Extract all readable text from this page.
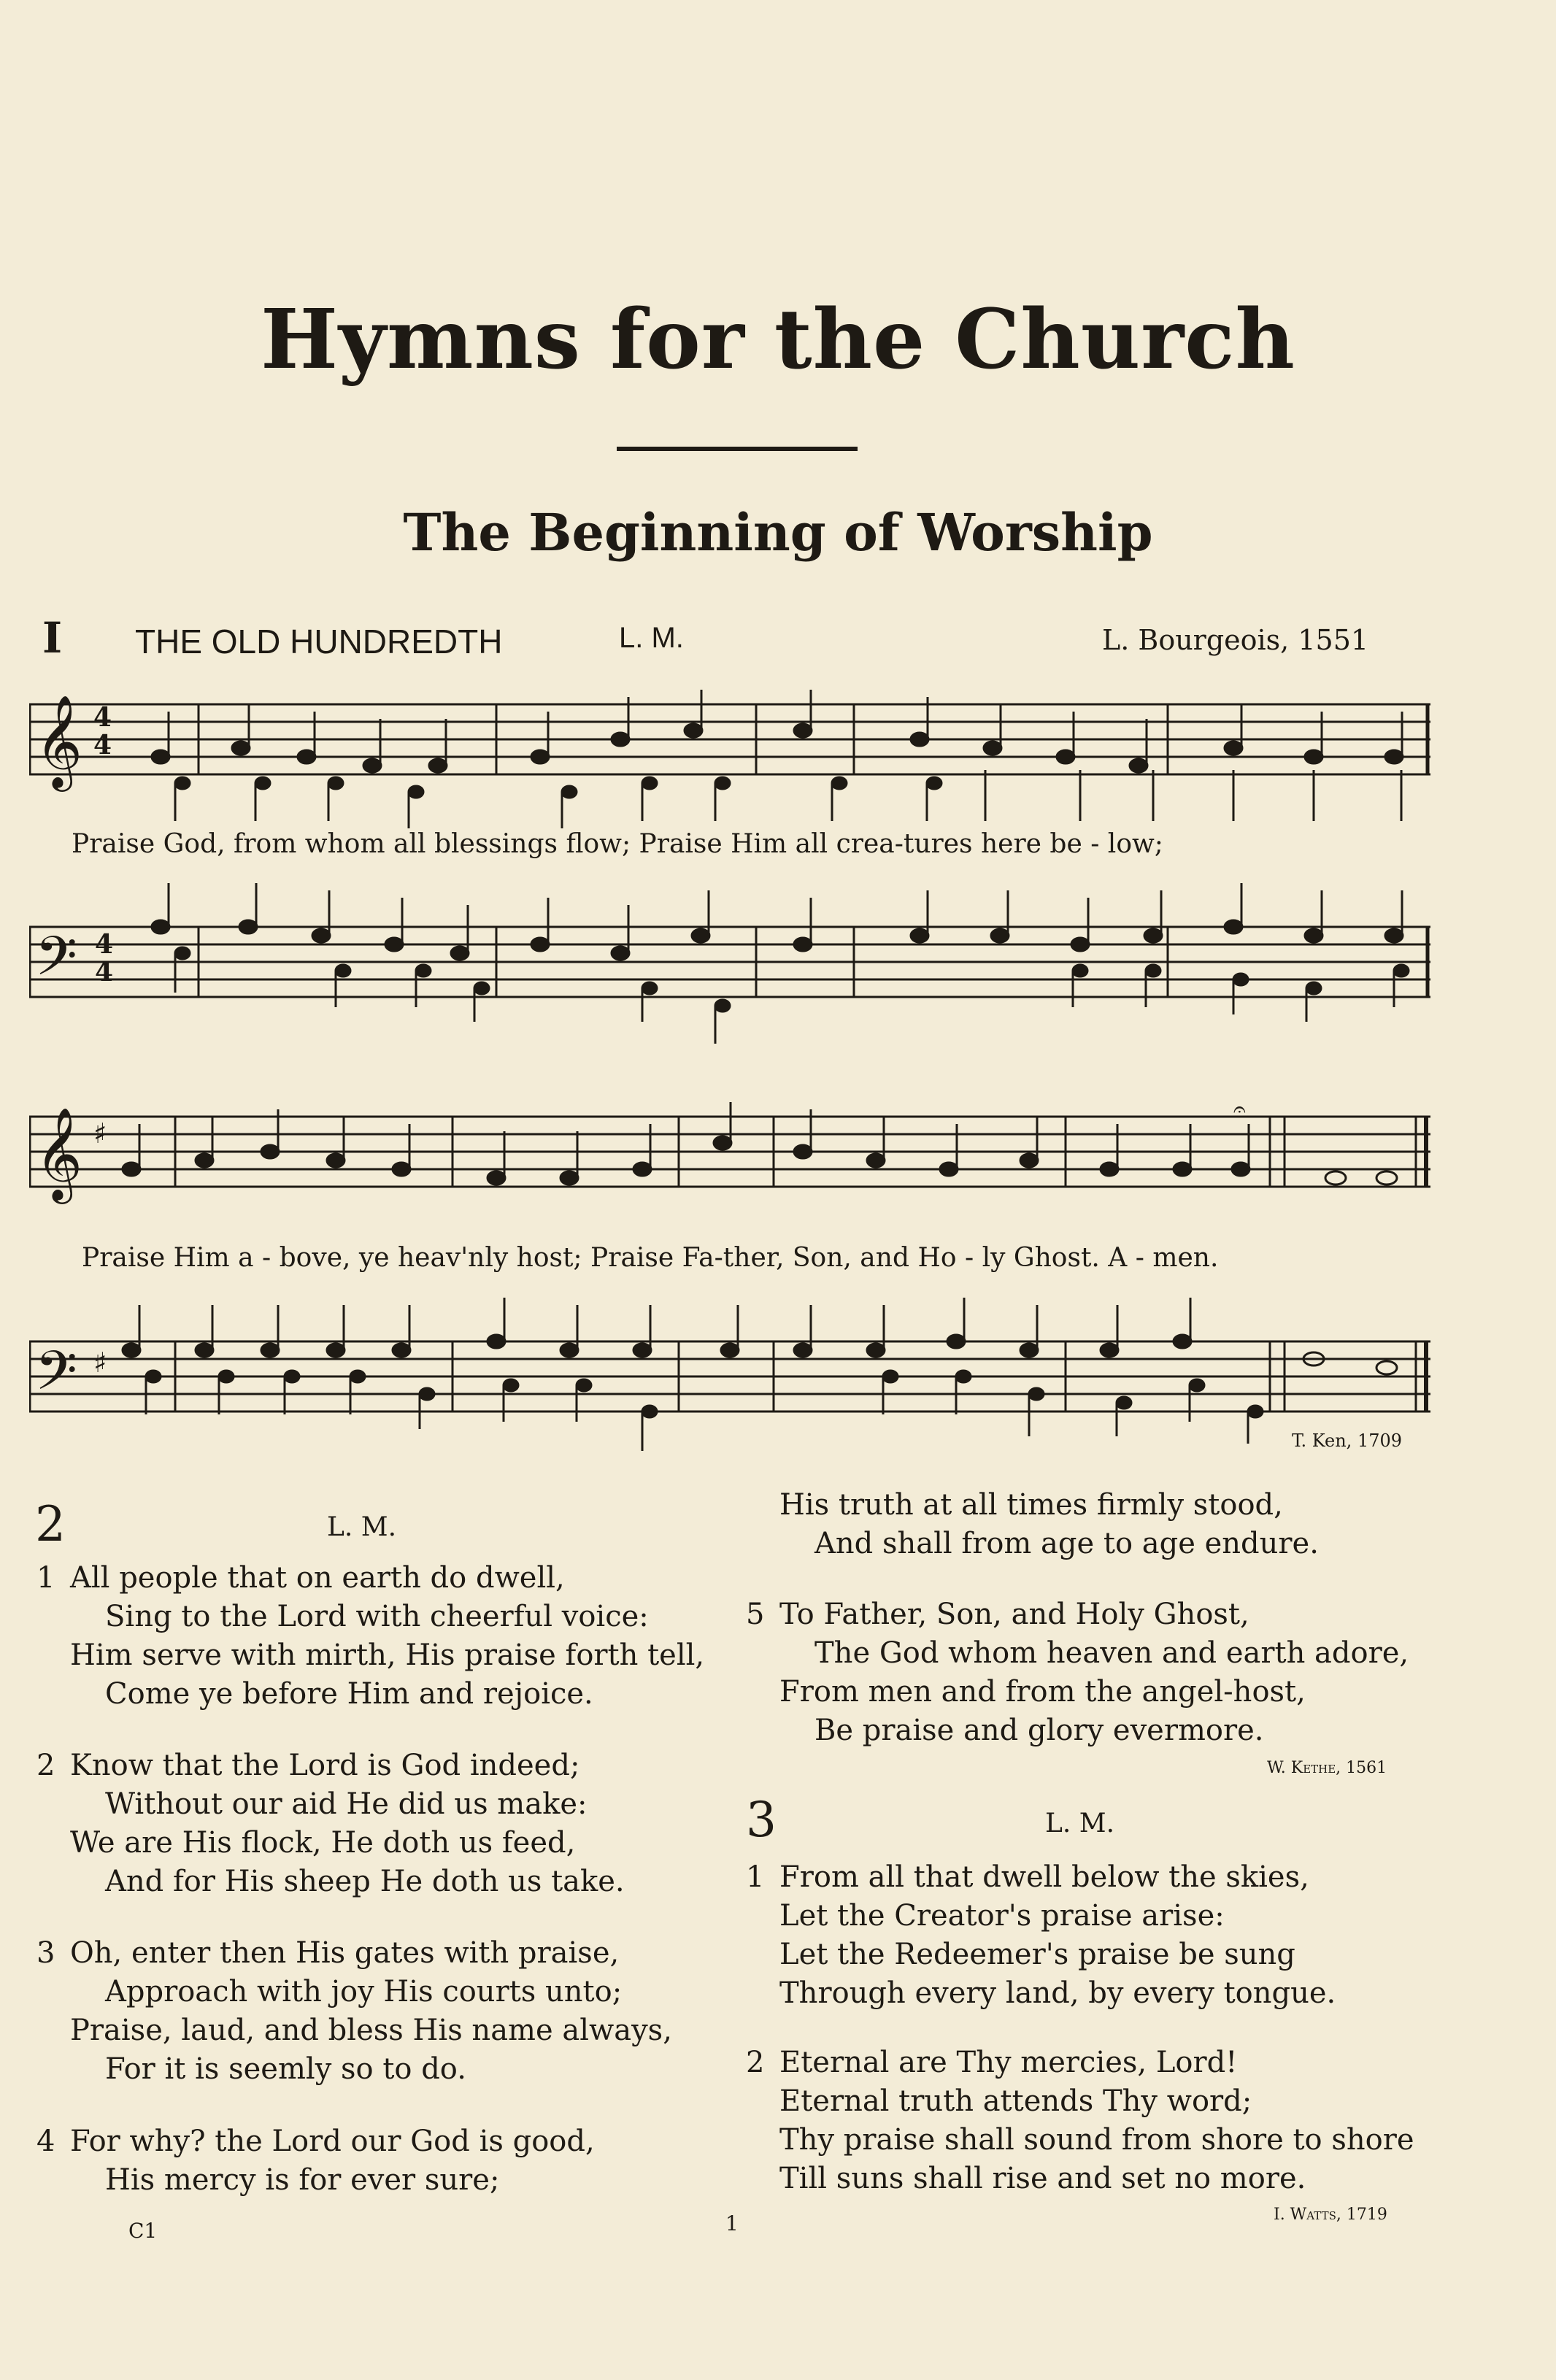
Hymns for the Church
The Beginning of Worship
I THE OLD HUNDREDTH	L. M.	L. Bourgeois, 1551
𝄞 4
4
Praise God, from whom all blessings flow; Praise Him all crea-tures here be - low;
𝄢 4
4
𝄞 ♯
𝄐
Praise Him a - bove, ye heav'nly host; Praise Fa-ther, Son, and Ho - ly Ghost. A - men.
𝄢 ♯
T. Ken, 1709
2	L. M.
1 All people that on earth do dwell,
Sing to the Lord with cheerful voice:
Him serve with mirth, His praise forth tell,
Come ye before Him and rejoice.
2 Know that the Lord is God indeed;
Without our aid He did us make:
We are His flock, He doth us feed,
And for His sheep He doth us take.
3 Oh, enter then His gates with praise,
Approach with joy His courts unto;
Praise, laud, and bless His name always,
For it is seemly so to do.
4 For why? the Lord our God is good,
His mercy is for ever sure;
His truth at all times firmly stood,
And shall from age to age endure.
5 To Father, Son, and Holy Ghost,
The God whom heaven and earth adore,
From men and from the angel-host,
Be praise and glory evermore.
W. Kethe, 1561
3	L. M.
1 From all that dwell below the skies,
Let the Creator's praise arise:
Let the Redeemer's praise be sung
Through every land, by every tongue.
2 Eternal are Thy mercies, Lord!
Eternal truth attends Thy word;
Thy praise shall sound from shore to shore
Till suns shall rise and set no more.
I. Watts, 1719
C1	1
